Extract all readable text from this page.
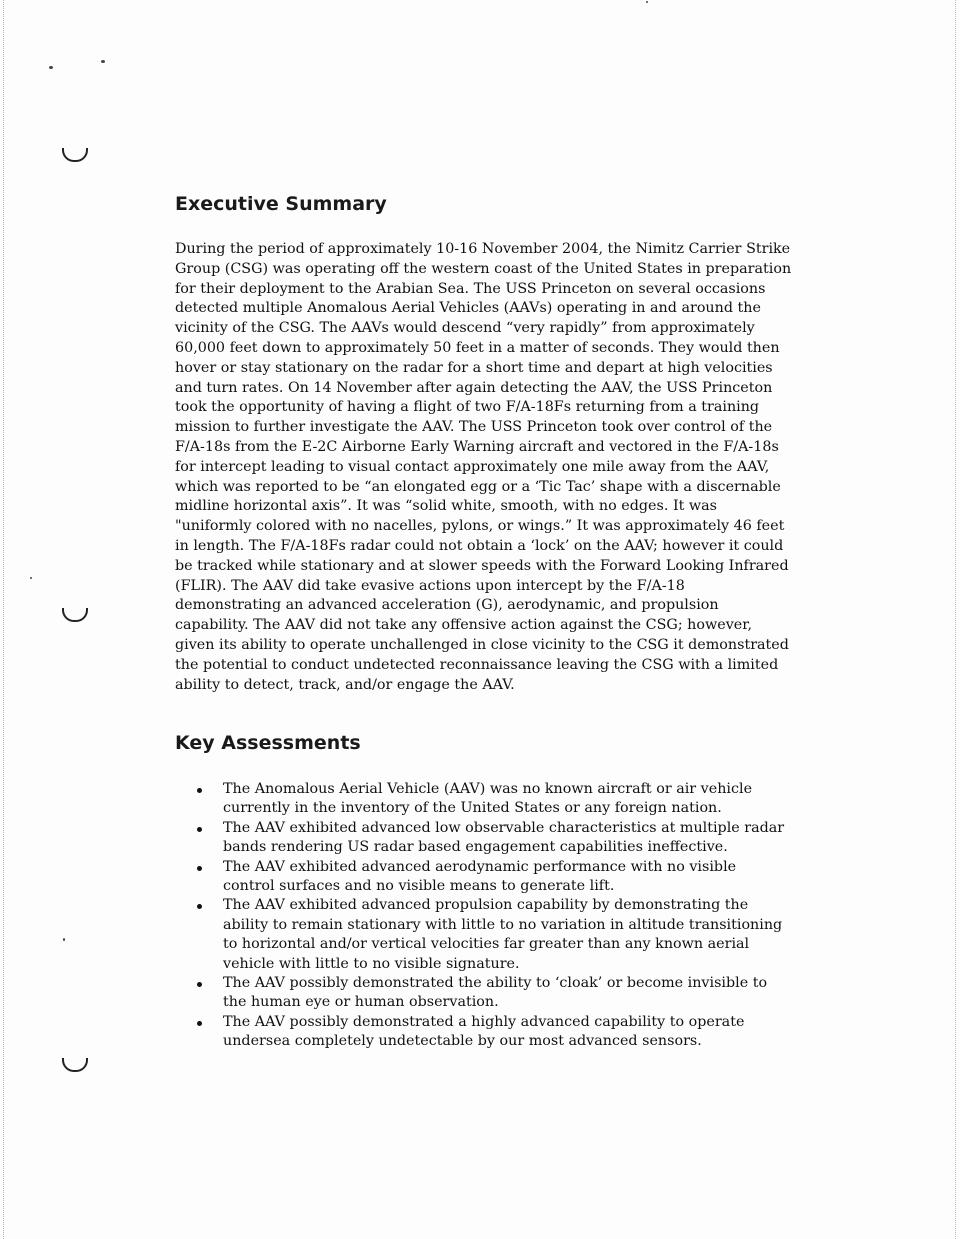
Executive Summary

During the period of approximately 10-16 November 2004, the Nimitz Carrier Strike
Group (CSG) was operating off the western coast of the United States in preparation
for their deployment to the Arabian Sea. The USS Princeton on several occasions
detected multiple Anomalous Aerial Vehicles (AAVs) operating in and around the
vicinity of the CSG. The AAVs would descend “very rapidly” from approximately
60,000 feet down to approximately 50 feet in a matter of seconds. They would then
hover or stay stationary on the radar for a short time and depart at high velocities
and turn rates. On 14 November after again detecting the AAV, the USS Princeton
took the opportunity of having a flight of two F/A-18Fs returning from a training
mission to further investigate the AAV. The USS Princeton took over control of the
F/A-18s from the E-2C Airborne Early Warning aircraft and vectored in the F/A-18s
for intercept leading to visual contact approximately one mile away from the AAV,
which was reported to be “an elongated egg or a ‘Tic Tac’ shape with a discernable
midline horizontal axis”. It was “solid white, smooth, with no edges. It was
"uniformly colored with no nacelles, pylons, or wings.” It was approximately 46 feet
in length. The F/A-18Fs radar could not obtain a ‘lock’ on the AAV; however it could
be tracked while stationary and at slower speeds with the Forward Looking Infrared
(FLIR). The AAV did take evasive actions upon intercept by the F/A-18
demonstrating an advanced acceleration (G), aerodynamic, and propulsion
capability. The AAV did not take any offensive action against the CSG; however,
given its ability to operate unchallenged in close vicinity to the CSG it demonstrated
the potential to conduct undetected reconnaissance leaving the CSG with a limited
ability to detect, track, and/or engage the AAV.

Key Assessments
The Anomalous Aerial Vehicle (AAV) was no known aircraft or air vehicle
currently in the inventory of the United States or any foreign nation.
The AAV exhibited advanced low observable characteristics at multiple radar
bands rendering US radar based engagement capabilities ineffective.
The AAV exhibited advanced aerodynamic performance with no visible
control surfaces and no visible means to generate lift.
The AAV exhibited advanced propulsion capability by demonstrating the
ability to remain stationary with little to no variation in altitude transitioning
to horizontal and/or vertical velocities far greater than any known aerial
vehicle with little to no visible signature.
The AAV possibly demonstrated the ability to ‘cloak’ or become invisible to
the human eye or human observation.
The AAV possibly demonstrated a highly advanced capability to operate
undersea completely undetectable by our most advanced sensors.
